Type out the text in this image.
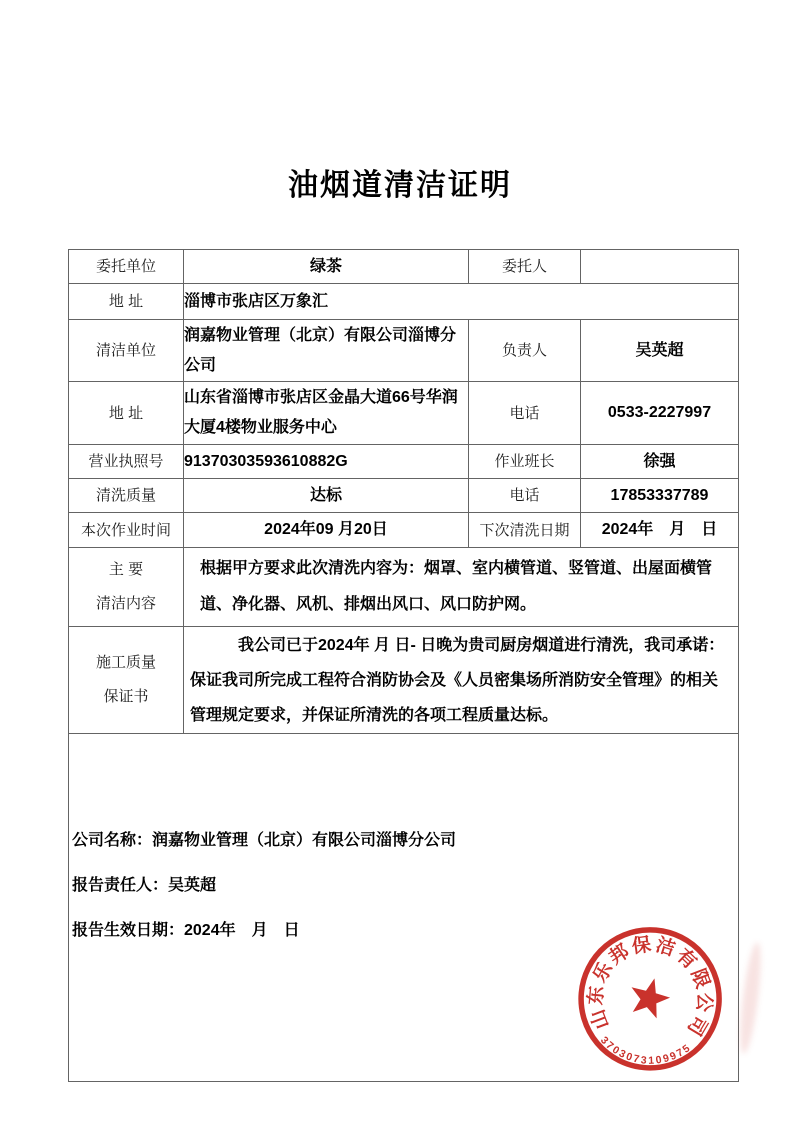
油烟道清洁证明
委托单位	绿茶	委托人	
地 址	淄博市张店区万象汇		
清洁单位	润嘉物业管理（北京）有限公司淄博分公司	负责人	吴英超
地 址	山东省淄博市张店区金晶大道66号华润大厦4楼物业服务中心	电话	0533-2227997
营业执照号	91370303593610882G	作业班长	徐强
清洗质量	达标	电话	17853337789
本次作业时间	2024年09 月20日	下次清洗日期	2024年　月　日

主 要
清洁内容	根据甲方要求此次清洗内容为：烟罩、室内横管道、竖管道、出屋面横管道、净化器、风机、排烟出风口、风口防护网。		

施工质量
保证书	我公司已于2024年 月 日- 日晚为贵司厨房烟道进行清洗，我司承诺：保证我司所完成工程符合消防协会及《人员密集场所消防安全管理》的相关管理规定要求，并保证所清洗的各项工程质量达标。		

公司名称：润嘉物业管理（北京）有限公司淄博分公司

报告责任人：吴英超

报告生效日期：2024年　月　日			

山东乐邦保洁有限公司
3703073109975
